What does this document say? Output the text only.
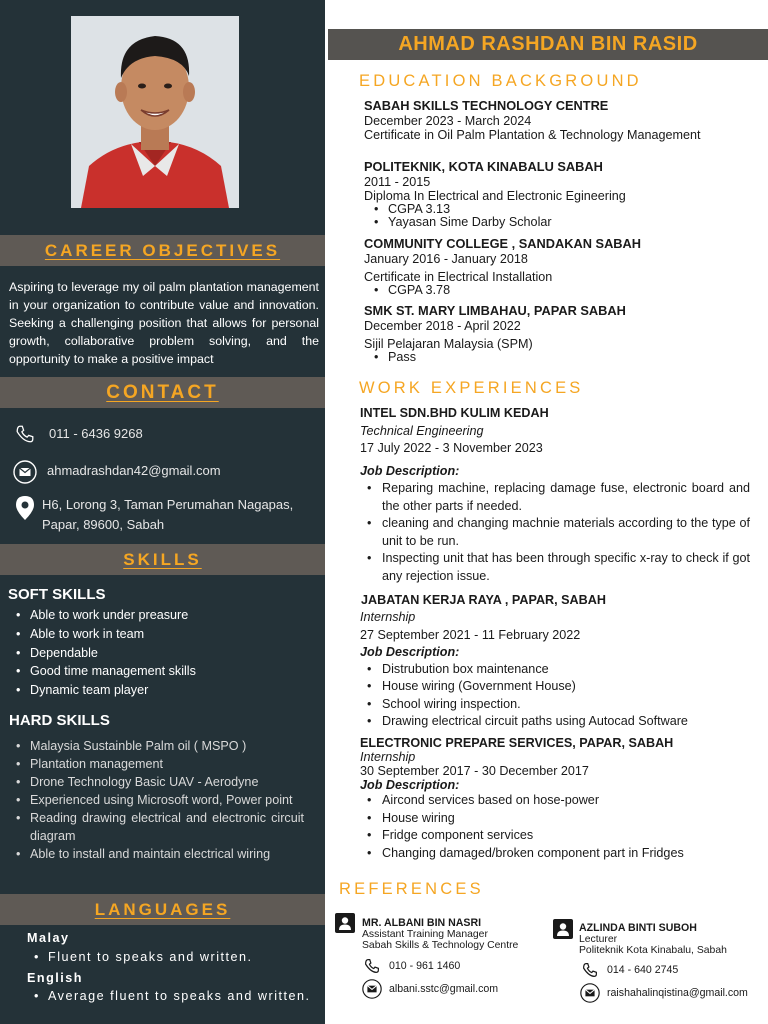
CAREER OBJECTIVES

Aspiring to leverage my oil palm plantation management in your organization to contribute value and innovation. Seeking a challenging position that allows for personal growth, collaborative problem solving, and the opportunity to make a positive impact

CONTACT
011 - 6436 9268
ahmadrashdan42@gmail.com
H6, Lorong 3, Taman Perumahan Nagapas, Papar, 89600, Sabah
SKILLS
SOFT SKILLS
• Able to work under preasure
• Able to work in team
• Dependable
• Good time management skills
• Dynamic team player
HARD SKILLS
• Malaysia Sustainble Palm oil ( MSPO )
• Plantation management
• Drone Technology Basic UAV - Aerodyne
• Experienced using Microsoft word, Power point
• Reading drawing electrical and electronic circuit diagram
• Able to install and maintain electrical wiring
LANGUAGES
Malay
• Fluent to speaks and written.
English
• Average fluent to speaks and written.
AHMAD RASHDAN BIN RASID
EDUCATION BACKGROUND
SABAH SKILLS TECHNOLOGY CENTRE
December 2023 - March 2024
Certificate in Oil Palm Plantation & Technology Management
POLITEKNIK, KOTA KINABALU SABAH
2011 - 2015
Diploma In Electrical and Electronic Egineering
• CGPA 3.13
• Yayasan Sime Darby Scholar
COMMUNITY COLLEGE , SANDAKAN SABAH
January 2016 - January 2018
Certificate in Electrical Installation
• CGPA 3.78
SMK ST. MARY LIMBAHAU, PAPAR SABAH
December 2018 - April 2022
Sijil Pelajaran Malaysia (SPM)
• Pass
WORK EXPERIENCES
INTEL SDN.BHD KULIM KEDAH
Technical Engineering
17 July 2022 - 3 November 2023
Job Description:
• Reparing machine, replacing damage fuse, electronic board and the other parts if needed.
• cleaning and changing machnie materials according to the type of unit to be run.
• Inspecting unit that has been through specific x-ray to check if got any rejection issue.
JABATAN KERJA RAYA , PAPAR, SABAH
Internship
27 September 2021 - 11 February 2022
Job Description:
• Distrubution box maintenance
• House wiring (Government House)
• School wiring inspection.
• Drawing electrical circuit paths using Autocad Software
ELECTRONIC PREPARE SERVICES, PAPAR, SABAH
Internship
30 September 2017 - 30 December 2017
Job Description:
• Aircond services based on hose-power
• House wiring
• Fridge component services
• Changing damaged/broken component part in Fridges
REFERENCES
MR. ALBANI BIN NASRI
Assistant Training Manager
Sabah Skills & Technology Centre
010 - 961 1460
albani.sstc@gmail.com
AZLINDA BINTI SUBOH
Lecturer
Politeknik Kota Kinabalu, Sabah
014 - 640 2745
raishahalinqistina@gmail.com
